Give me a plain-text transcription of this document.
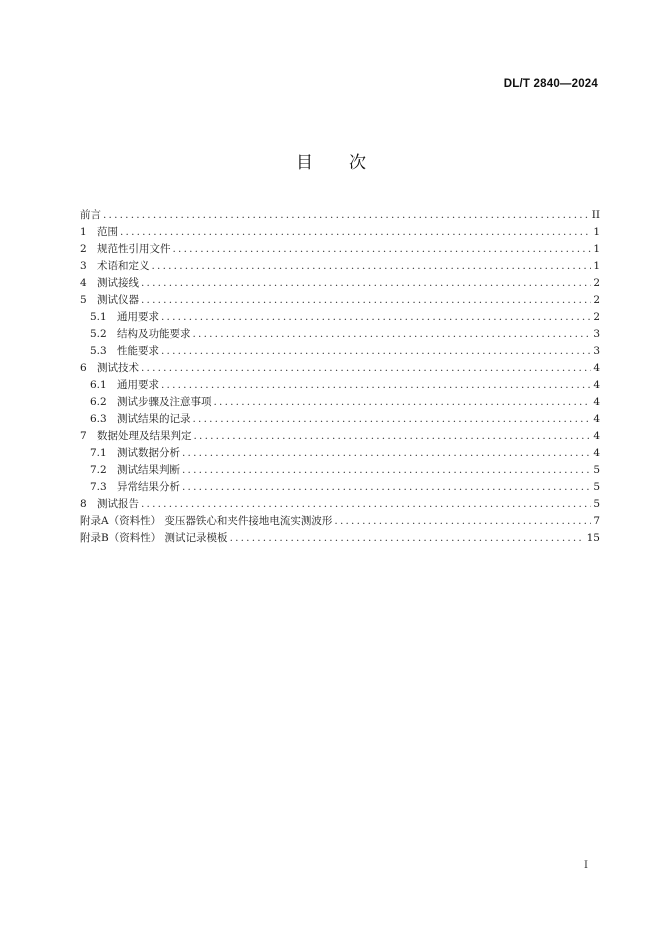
DL/T 2840—2024
目次
前言 .....	II
1 范围 .....	1
2 规范性引用文件 .....	1
3 术语和定义 .....	1
4 测试接线 .....	2
5 测试仪器 .....	2
5.1 通用要求 .....	2
5.2 结构及功能要求 .....	3
5.3 性能要求 .....	3
6 测试技术 .....	4
6.1 通用要求 .....	4
6.2 测试步骤及注意事项 .....	4
6.3 测试结果的记录 .....	4
7 数据处理及结果判定 .....	4
7.1 测试数据分析 .....	4
7.2 测试结果判断 .....	5
7.3 异常结果分析 .....	5
8 测试报告 .....	5
附录A（资料性） 变压器铁心和夹件接地电流实测波形 .....	7
附录B（资料性） 测试记录模板 .....	15
I
